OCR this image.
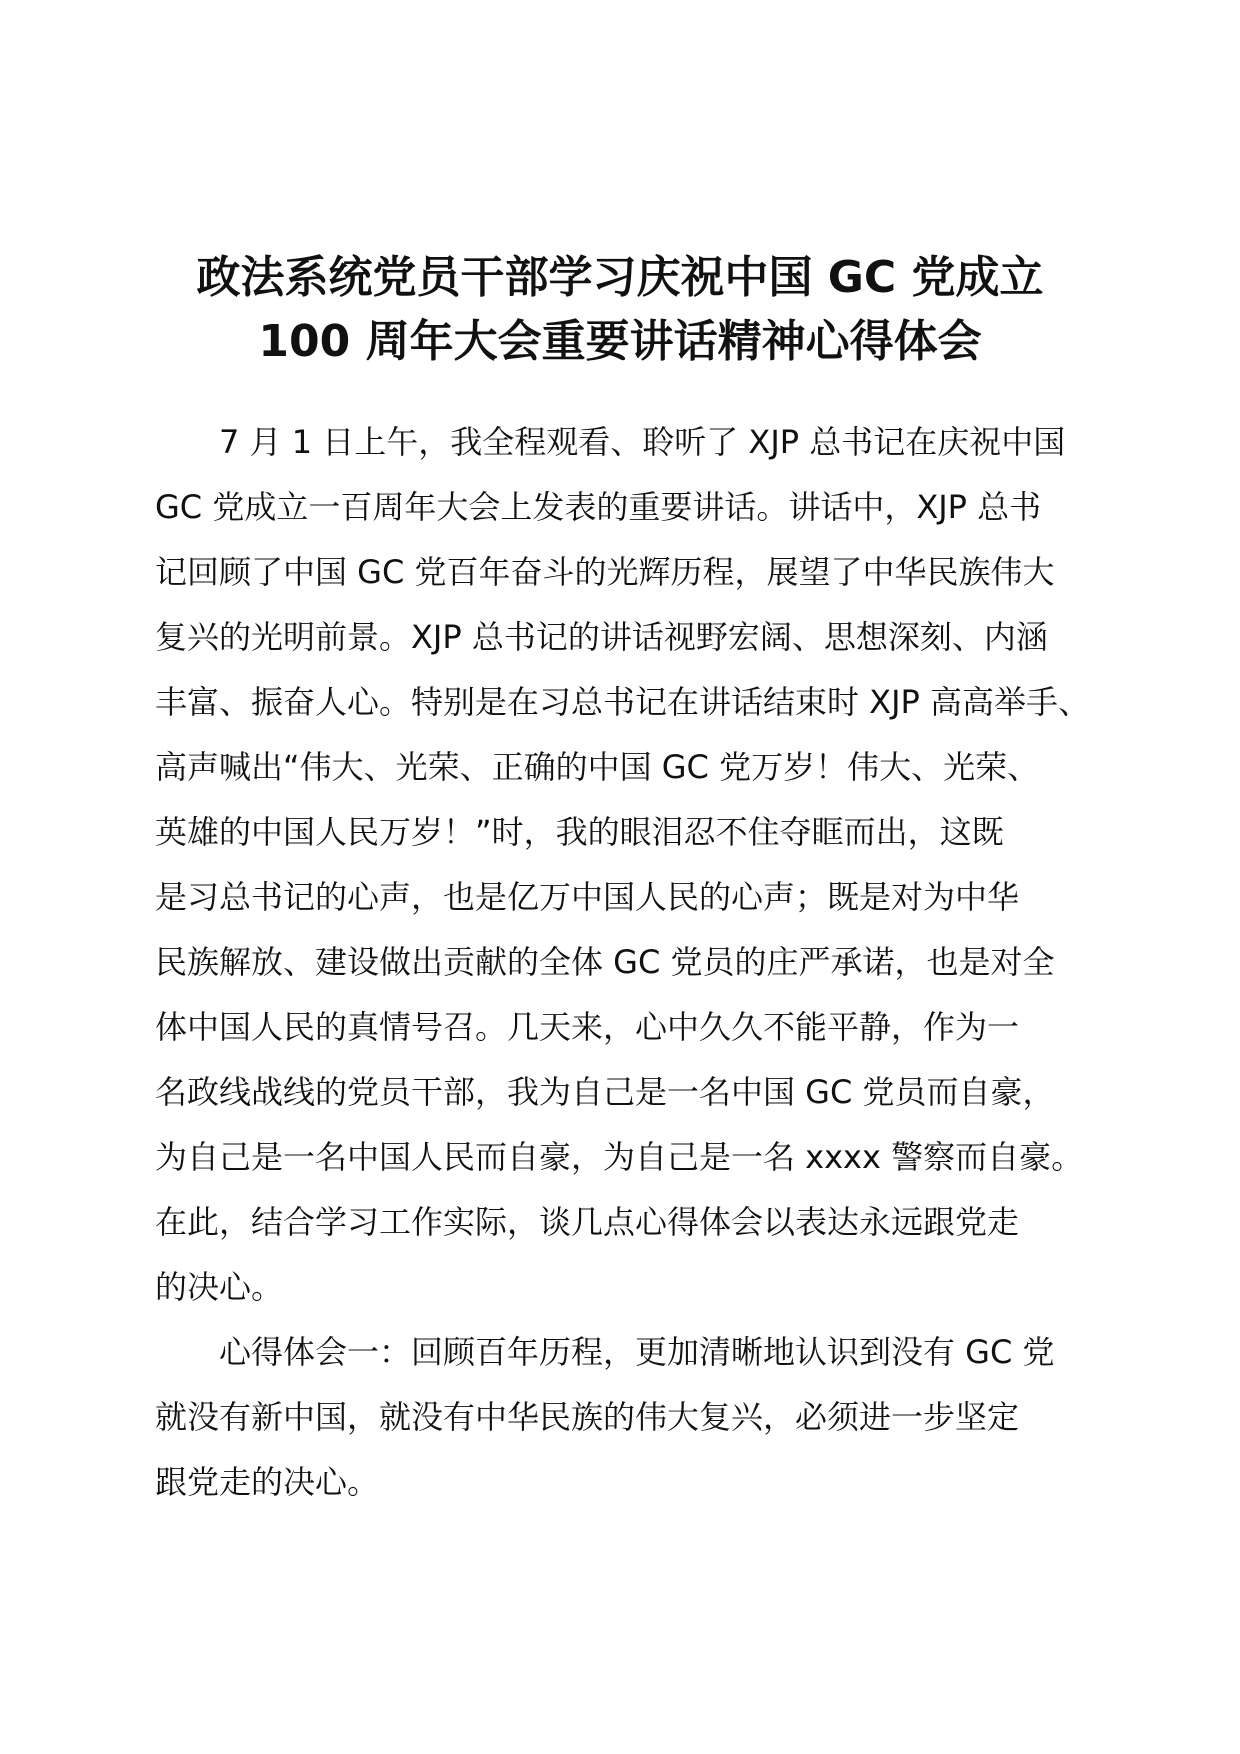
政法系统党员干部学习庆祝中国 GC 党成立
100 周年大会重要讲话精神心得体会
7 月 1 日上午，我全程观看、聆听了 XJP 总书记在庆祝中国
GC 党成立一百周年大会上发表的重要讲话。讲话中，XJP 总书
记回顾了中国 GC 党百年奋斗的光辉历程，展望了中华民族伟大
复兴的光明前景。XJP 总书记的讲话视野宏阔、思想深刻、内涵
丰富、振奋人心。特别是在习总书记在讲话结束时 XJP 高高举手、
高声喊出“伟大、光荣、正确的中国 GC 党万岁！伟大、光荣、
英雄的中国人民万岁！”时，我的眼泪忍不住夺眶而出，这既
是习总书记的心声，也是亿万中国人民的心声；既是对为中华
民族解放、建设做出贡献的全体 GC 党员的庄严承诺，也是对全
体中国人民的真情号召。几天来，心中久久不能平静，作为一
名政线战线的党员干部，我为自己是一名中国 GC 党员而自豪，
为自己是一名中国人民而自豪，为自己是一名 xxxx 警察而自豪。
在此，结合学习工作实际，谈几点心得体会以表达永远跟党走
的决心。
心得体会一：回顾百年历程，更加清晰地认识到没有 GC 党
就没有新中国，就没有中华民族的伟大复兴，必须进一步坚定
跟党走的决心。
